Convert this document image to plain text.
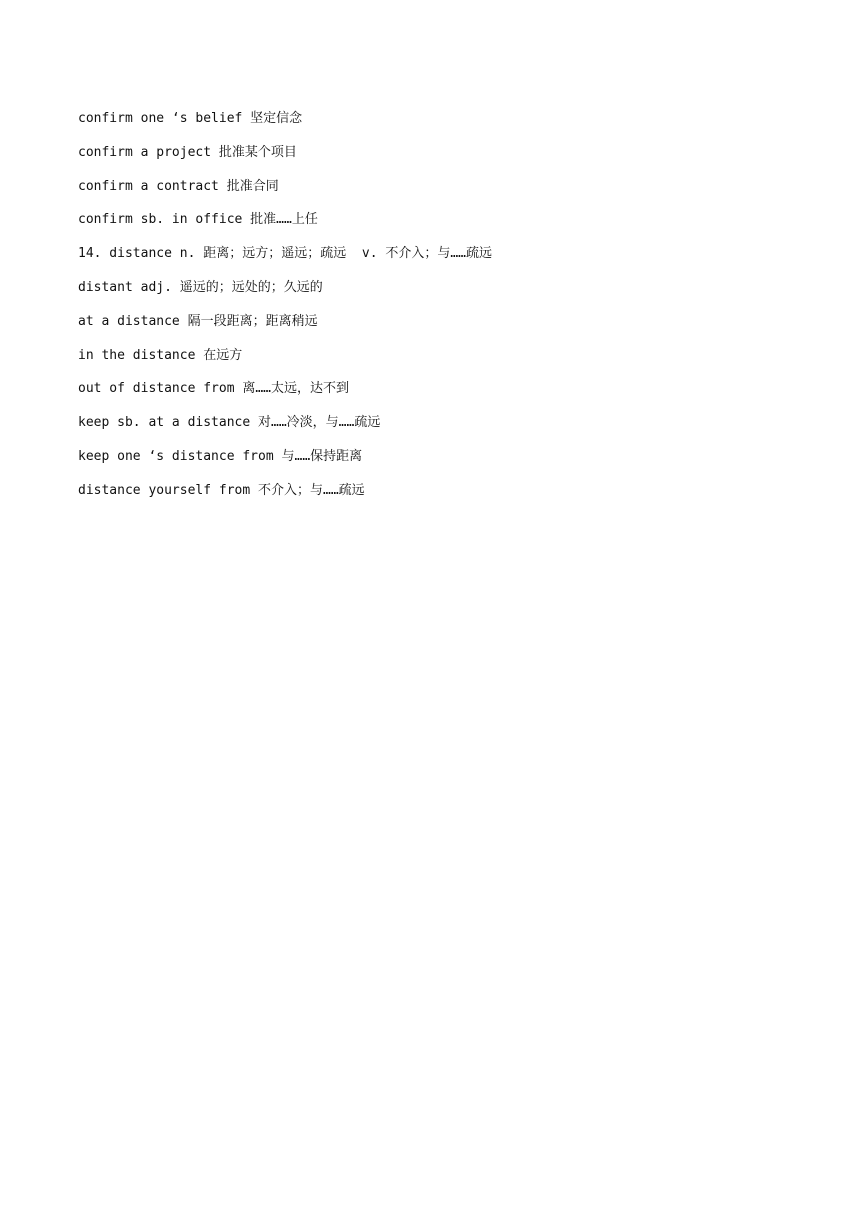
confirm one ‘s belief 坚定信念
confirm a project 批准某个项目
confirm a contract 批准合同
confirm sb. in office 批准……上任
14. distance n. 距离；远方；遥远；疏远  v. 不介入；与……疏远
distant adj. 遥远的；远处的；久远的
at a distance 隔一段距离；距离稍远
in the distance 在远方
out of distance from 离……太远，达不到
keep sb. at a distance 对……冷淡，与……疏远
keep one ‘s distance from 与……保持距离
distance yourself from 不介入；与……疏远
